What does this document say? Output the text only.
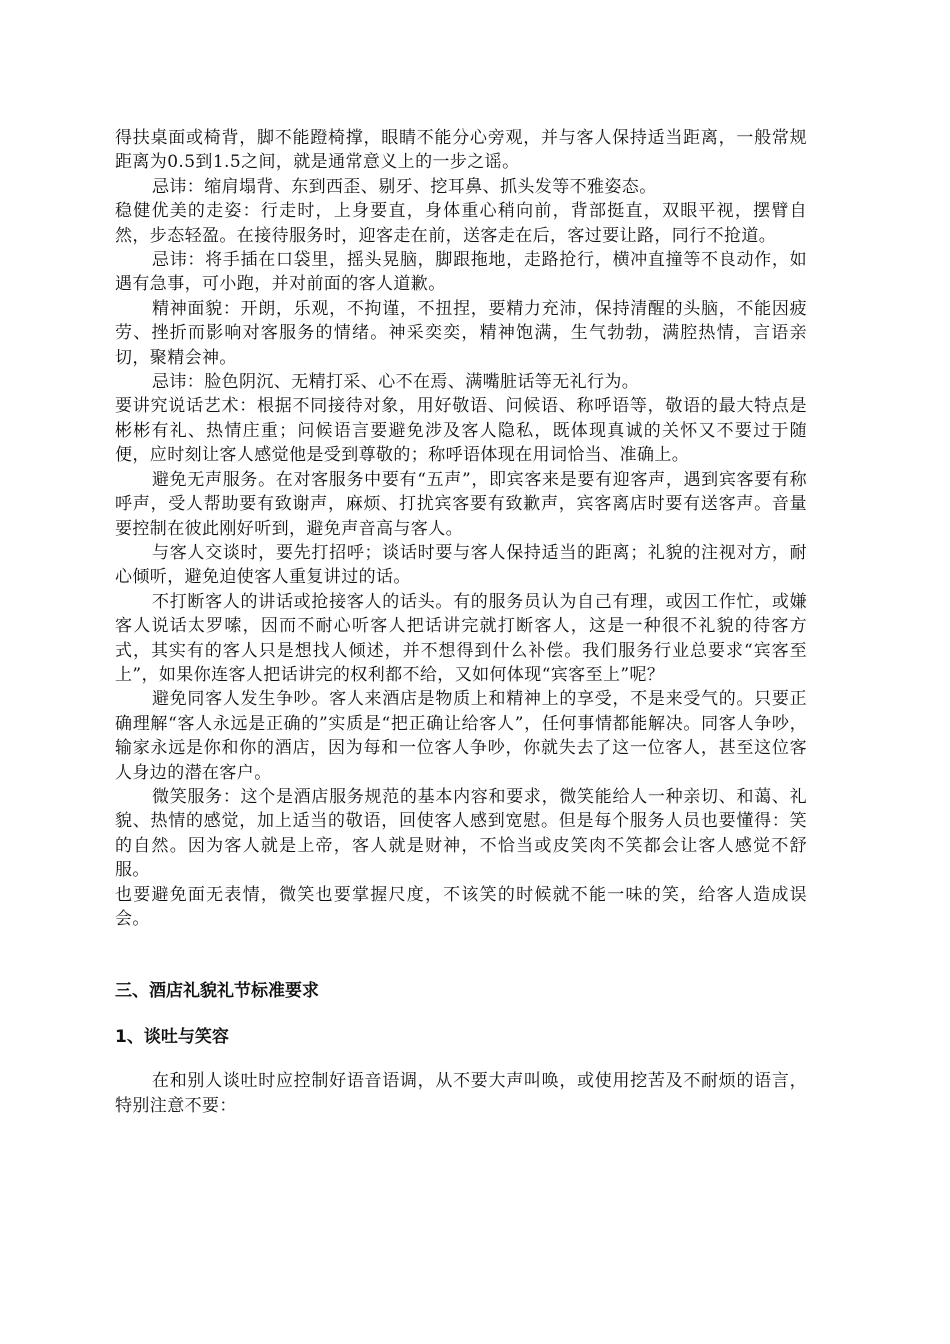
得扶桌面或椅背，脚不能蹬椅撑，眼睛不能分心旁观，并与客人保持适当距离，一般常规距离为0.5到1.5之间，就是通常意义上的一步之谣。

忌讳：缩肩塌背、东到西歪、剔牙、挖耳鼻、抓头发等不雅姿态。

稳健优美的走姿：行走时，上身要直，身体重心稍向前，背部挺直，双眼平视，摆臂自然，步态轻盈。在接待服务时，迎客走在前，送客走在后，客过要让路，同行不抢道。

忌讳：将手插在口袋里，摇头晃脑，脚跟拖地，走路抢行，横冲直撞等不良动作，如遇有急事，可小跑，并对前面的客人道歉。

精神面貌：开朗，乐观，不拘谨，不扭捏，要精力充沛，保持清醒的头脑，不能因疲劳、挫折而影响对客服务的情绪。神采奕奕，精神饱满，生气勃勃，满腔热情，言语亲切，聚精会神。

忌讳：脸色阴沉、无精打采、心不在焉、满嘴脏话等无礼行为。

要讲究说话艺术：根据不同接待对象，用好敬语、问候语、称呼语等，敬语的最大特点是彬彬有礼、热情庄重；问候语言要避免涉及客人隐私，既体现真诚的关怀又不要过于随便，应时刻让客人感觉他是受到尊敬的；称呼语体现在用词恰当、准确上。

避免无声服务。在对客服务中要有“五声”，即宾客来是要有迎客声，遇到宾客要有称呼声，受人帮助要有致谢声，麻烦、打扰宾客要有致歉声，宾客离店时要有送客声。音量要控制在彼此刚好听到，避免声音高与客人。

与客人交谈时，要先打招呼；谈话时要与客人保持适当的距离；礼貌的注视对方，耐心倾听，避免迫使客人重复讲过的话。

不打断客人的讲话或抢接客人的话头。有的服务员认为自己有理，或因工作忙，或嫌客人说话太罗嗦，因而不耐心听客人把话讲完就打断客人，这是一种很不礼貌的待客方式，其实有的客人只是想找人倾述，并不想得到什么补偿。我们服务行业总要求“宾客至上”，如果你连客人把话讲完的权利都不给，又如何体现“宾客至上”呢？

避免同客人发生争吵。客人来酒店是物质上和精神上的享受，不是来受气的。只要正确理解“客人永远是正确的”实质是“把正确让给客人”，任何事情都能解决。同客人争吵，输家永远是你和你的酒店，因为每和一位客人争吵，你就失去了这一位客人，甚至这位客人身边的潜在客户。

微笑服务：这个是酒店服务规范的基本内容和要求，微笑能给人一种亲切、和蔼、礼貌、热情的感觉，加上适当的敬语，回使客人感到宽慰。但是每个服务人员也要懂得：笑的自然。因为客人就是上帝，客人就是财神，不恰当或皮笑肉不笑都会让客人感觉不舒服。

也要避免面无表情，微笑也要掌握尺度，不该笑的时候就不能一味的笑，给客人造成误会。

三、酒店礼貌礼节标准要求
1、谈吐与笑容

在和别人谈吐时应控制好语音语调，从不要大声叫唤，或使用挖苦及不耐烦的语言，特别注意不要：
